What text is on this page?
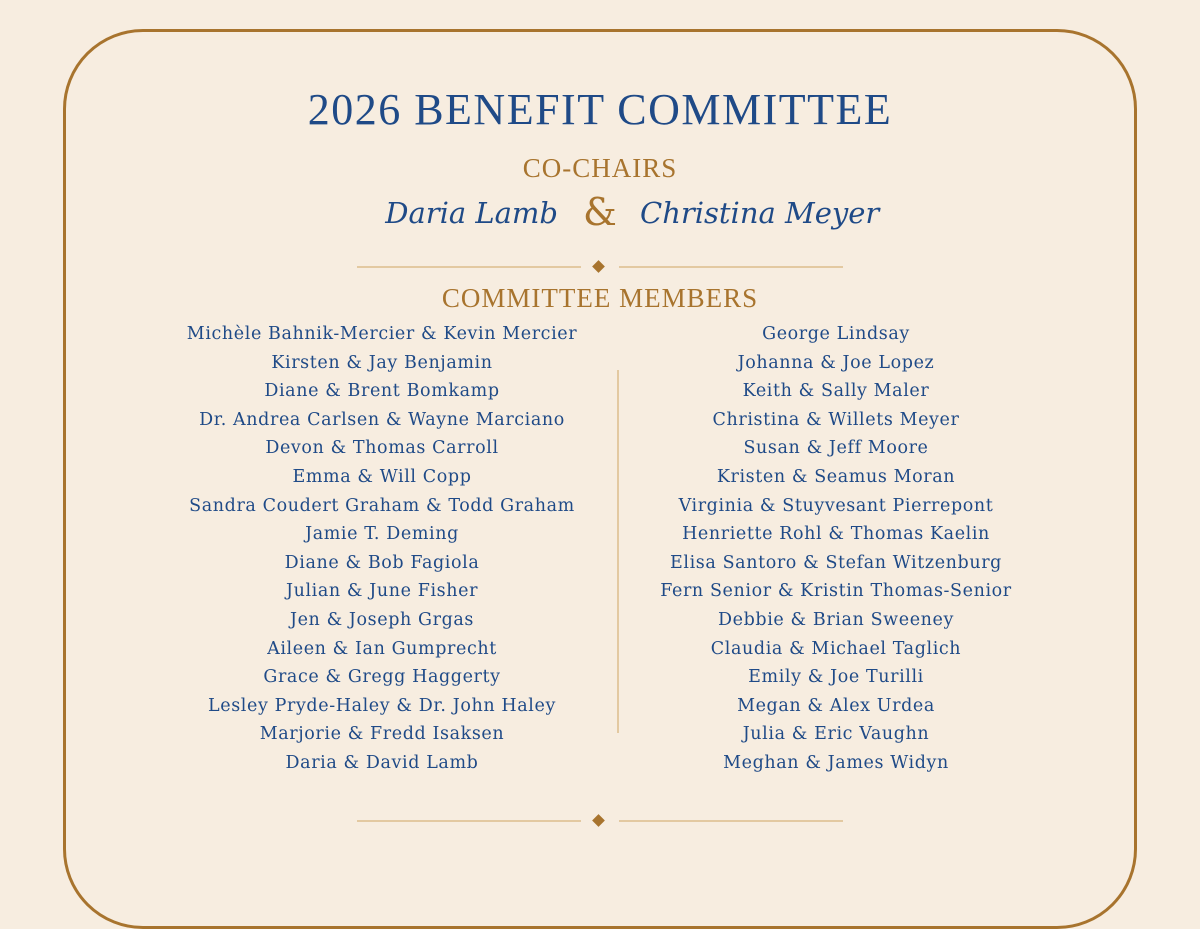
2026 BENEFIT COMMITTEE
CO-CHAIRS
Daria Lamb & Christina Meyer
COMMITTEE MEMBERS
Michèle Bahnik-Mercier & Kevin Mercier
Kirsten & Jay Benjamin
Diane & Brent Bomkamp
Dr. Andrea Carlsen & Wayne Marciano
Devon & Thomas Carroll
Emma & Will Copp
Sandra Coudert Graham & Todd Graham
Jamie T. Deming
Diane & Bob Fagiola
Julian & June Fisher
Jen & Joseph Grgas
Aileen & Ian Gumprecht
Grace & Gregg Haggerty
Lesley Pryde-Haley & Dr. John Haley
Marjorie & Fredd Isaksen
Daria & David Lamb
George Lindsay
Johanna & Joe Lopez
Keith & Sally Maler
Christina & Willets Meyer
Susan & Jeff Moore
Kristen & Seamus Moran
Virginia & Stuyvesant Pierrepont
Henriette Rohl & Thomas Kaelin
Elisa Santoro & Stefan Witzenburg
Fern Senior & Kristin Thomas-Senior
Debbie & Brian Sweeney
Claudia & Michael Taglich
Emily & Joe Turilli
Megan & Alex Urdea
Julia & Eric Vaughn
Meghan & James Widyn
